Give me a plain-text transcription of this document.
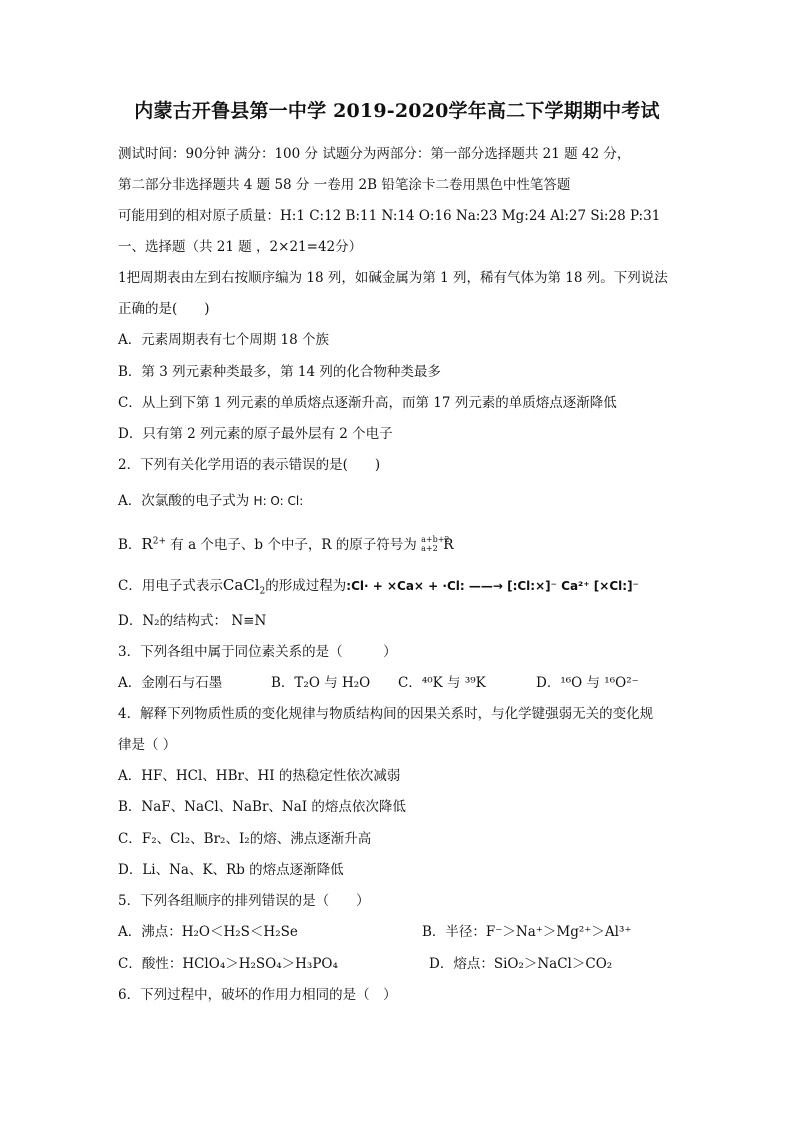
内蒙古开鲁县第一中学 2019-2020学年高二下学期期中考试
测试时间：90分钟 满分：100 分 试题分为两部分：第一部分选择题共 21 题 42 分，
第二部分非选择题共 4 题 58 分 一卷用 2B 铅笔涂卡二卷用黑色中性笔答题
可能用到的相对原子质量：H:1 C:12 B:11 N:14 O:16 Na:23 Mg:24 Al:27 Si:28 P:31
一、选择题（共 21 题 ，2×21=42分）
1把周期表由左到右按顺序编为 18 列，如碱金属为第 1 列，稀有气体为第 18 列。下列说法
正确的是(　　)
A．元素周期表有七个周期 18 个族
B．第 3 列元素种类最多，第 14 列的化合物种类最多
C．从上到下第 1 列元素的单质熔点逐渐升高，而第 17 列元素的单质熔点逐渐降低
D．只有第 2 列元素的原子最外层有 2 个电子
2．下列有关化学用语的表示错误的是(　　)
A．次氯酸的电子式为 H: O: Cl:
B．$R^{2+}$ 有 a 个电子、b 个中子，R 的原子符号为 a+b+2
a+2 R
C．用电子式表示CaCl$_2$的形成过程为:Cl· + ×Ca× + ·Cl: ——→ [:Cl:×]⁻ Ca²⁺ [×Cl:]⁻
D．N₂的结构式： N≡N
3．下列各组中属于同位素关系的是（　　　）
A．金刚石与石墨	B．T₂O 与 H₂O C．⁴⁰K 与 ³⁹K	D．¹⁶O 与 ¹⁶O²⁻
4．解释下列物质性质的变化规律与物质结构间的因果关系时，与化学键强弱无关的变化规
律是（ ）
A．HF、HCl、HBr、HI 的热稳定性依次减弱
B．NaF、NaCl、NaBr、NaI 的熔点依次降低
C．F₂、Cl₂、Br₂、I₂的熔、沸点逐渐升高
D．Li、Na、K、Rb 的熔点逐渐降低
5．下列各组顺序的排列错误的是（　　）
A．沸点：H₂O＜H₂S＜H₂Se	B．半径：F⁻＞Na⁺＞Mg²⁺＞Al³⁺
C．酸性：HClO₄＞H₂SO₄＞H₃PO₄	D．熔点：SiO₂＞NaCl＞CO₂
6．下列过程中，破坏的作用力相同的是（　）
